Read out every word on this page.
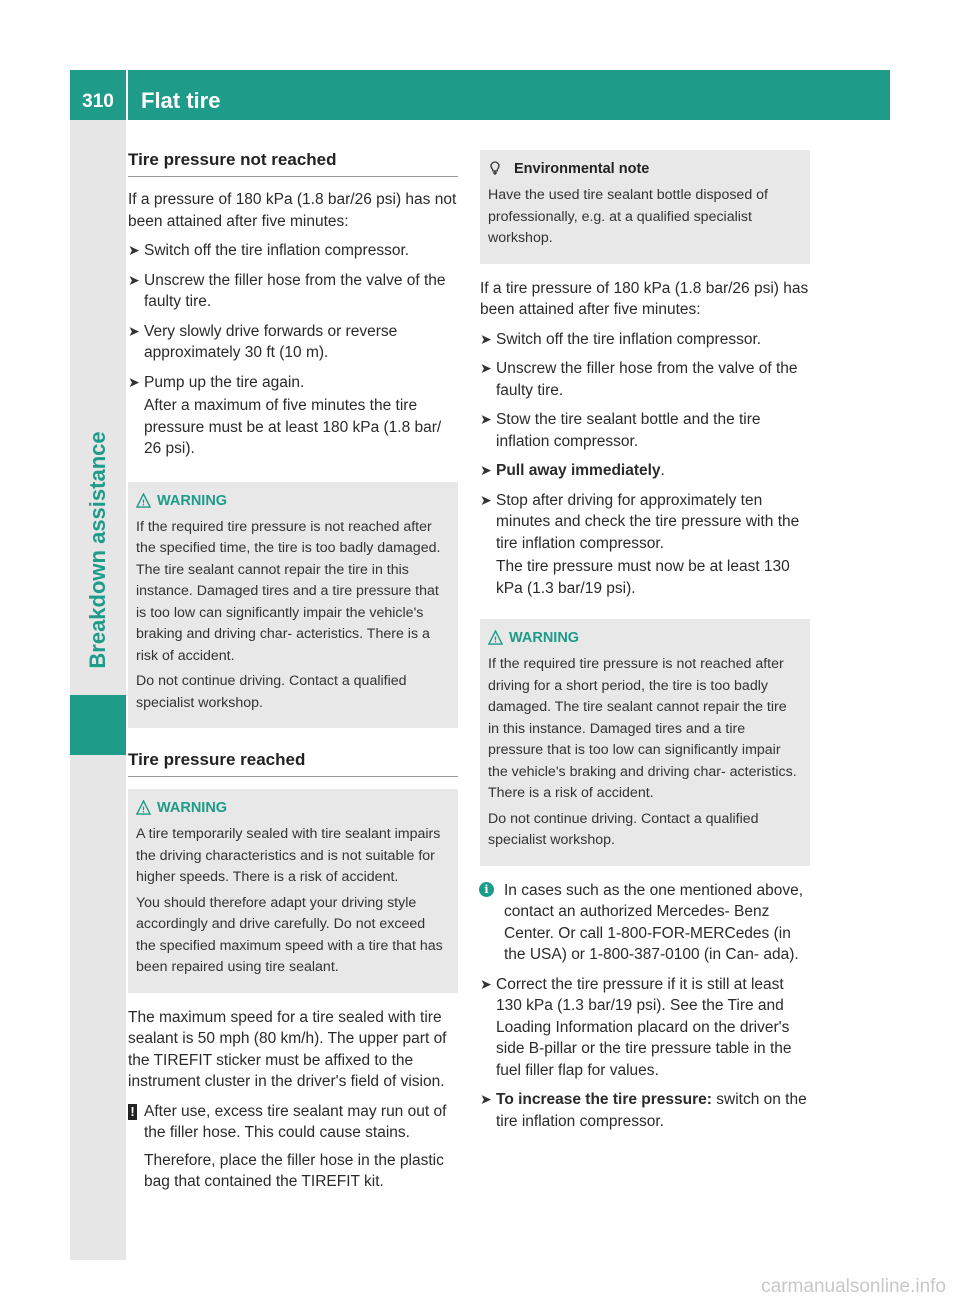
310	Flat tire
Breakdown assistance
Tire pressure not reached

If a pressure of 180 kPa (1.8 bar/26 psi) has not been attained after five minutes:

➤ Switch off the tire inflation compressor.
➤ Unscrew the filler hose from the valve of the faulty tire.
➤ Very slowly drive forwards or reverse approximately 30 ft (10 m).
➤ Pump up the tire again.
After a maximum of five minutes the tire pressure must be at least 180 kPa (1.8 bar/ 26 psi).
! WARNING

If the required tire pressure is not reached after the specified time, the tire is too badly damaged. The tire sealant cannot repair the tire in this instance. Damaged tires and a tire pressure that is too low can significantly impair the vehicle's braking and driving char- acteristics. There is a risk of accident.

Do not continue driving. Contact a qualified specialist workshop.

Tire pressure reached
! WARNING

A tire temporarily sealed with tire sealant impairs the driving characteristics and is not suitable for higher speeds. There is a risk of accident.

You should therefore adapt your driving style accordingly and drive carefully. Do not exceed the specified maximum speed with a tire that has been repaired using tire sealant.

The maximum speed for a tire sealed with tire sealant is 50 mph (80 km/h). The upper part of the TIREFIT sticker must be affixed to the instrument cluster in the driver's field of vision.

! After use, excess tire sealant may run out of the filler hose. This could cause stains.
Therefore, place the filler hose in the plastic bag that contained the TIREFIT kit.
Environmental note

Have the used tire sealant bottle disposed of professionally, e.g. at a qualified specialist workshop.

If a tire pressure of 180 kPa (1.8 bar/26 psi) has been attained after five minutes:

➤ Switch off the tire inflation compressor.
➤ Unscrew the filler hose from the valve of the faulty tire.
➤ Stow the tire sealant bottle and the tire inflation compressor.
➤ Pull away immediately.
➤ Stop after driving for approximately ten minutes and check the tire pressure with the tire inflation compressor.
The tire pressure must now be at least 130 kPa (1.3 bar/19 psi).
! WARNING

If the required tire pressure is not reached after driving for a short period, the tire is too badly damaged. The tire sealant cannot repair the tire in this instance. Damaged tires and a tire pressure that is too low can significantly impair the vehicle's braking and driving char- acteristics. There is a risk of accident.

Do not continue driving. Contact a qualified specialist workshop.

i In cases such as the one mentioned above, contact an authorized Mercedes- Benz Center. Or call 1-800-FOR-MERCedes (in the USA) or 1-800-387-0100 (in Can- ada).
➤ Correct the tire pressure if it is still at least 130 kPa (1.3 bar/19 psi). See the Tire and Loading Information placard on the driver's side B-pillar or the tire pressure table in the fuel filler flap for values.
➤ To increase the tire pressure: switch on the tire inflation compressor.
carmanualsonline.info
